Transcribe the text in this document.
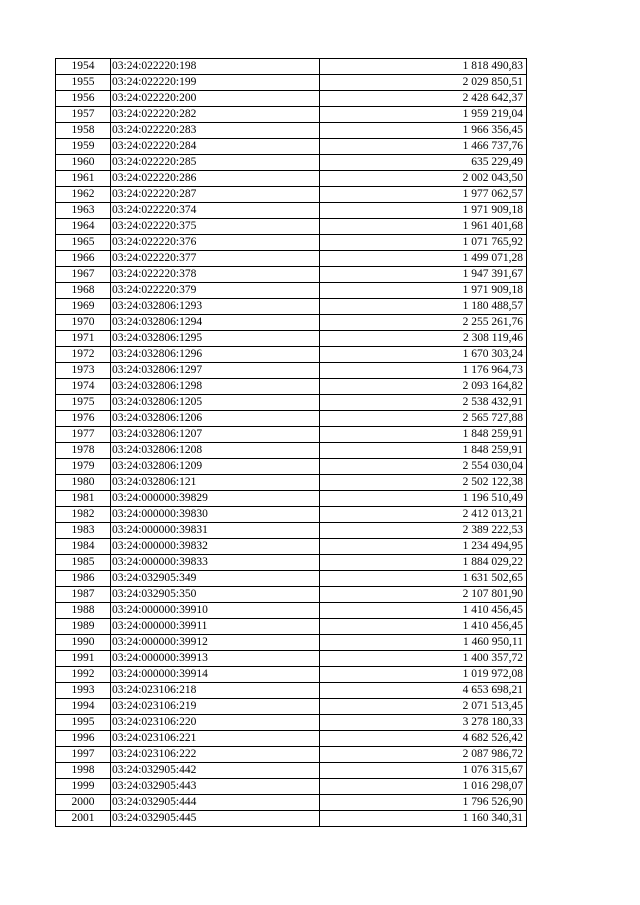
1954	03:24:022220:198	1 818 490,83
1955	03:24:022220:199	2 029 850,51
1956	03:24:022220:200	2 428 642,37
1957	03:24:022220:282	1 959 219,04
1958	03:24:022220:283	1 966 356,45
1959	03:24:022220:284	1 466 737,76
1960	03:24:022220:285	635 229,49
1961	03:24:022220:286	2 002 043,50
1962	03:24:022220:287	1 977 062,57
1963	03:24:022220:374	1 971 909,18
1964	03:24:022220:375	1 961 401,68
1965	03:24:022220:376	1 071 765,92
1966	03:24:022220:377	1 499 071,28
1967	03:24:022220:378	1 947 391,67
1968	03:24:022220:379	1 971 909,18
1969	03:24:032806:1293	1 180 488,57
1970	03:24:032806:1294	2 255 261,76
1971	03:24:032806:1295	2 308 119,46
1972	03:24:032806:1296	1 670 303,24
1973	03:24:032806:1297	1 176 964,73
1974	03:24:032806:1298	2 093 164,82
1975	03:24:032806:1205	2 538 432,91
1976	03:24:032806:1206	2 565 727,88
1977	03:24:032806:1207	1 848 259,91
1978	03:24:032806:1208	1 848 259,91
1979	03:24:032806:1209	2 554 030,04
1980	03:24:032806:121	2 502 122,38
1981	03:24:000000:39829	1 196 510,49
1982	03:24:000000:39830	2 412 013,21
1983	03:24:000000:39831	2 389 222,53
1984	03:24:000000:39832	1 234 494,95
1985	03:24:000000:39833	1 884 029,22
1986	03:24:032905:349	1 631 502,65
1987	03:24:032905:350	2 107 801,90
1988	03:24:000000:39910	1 410 456,45
1989	03:24:000000:39911	1 410 456,45
1990	03:24:000000:39912	1 460 950,11
1991	03:24:000000:39913	1 400 357,72
1992	03:24:000000:39914	1 019 972,08
1993	03:24:023106:218	4 653 698,21
1994	03:24:023106:219	2 071 513,45
1995	03:24:023106:220	3 278 180,33
1996	03:24:023106:221	4 682 526,42
1997	03:24:023106:222	2 087 986,72
1998	03:24:032905:442	1 076 315,67
1999	03:24:032905:443	1 016 298,07
2000	03:24:032905:444	1 796 526,90
2001	03:24:032905:445	1 160 340,31
